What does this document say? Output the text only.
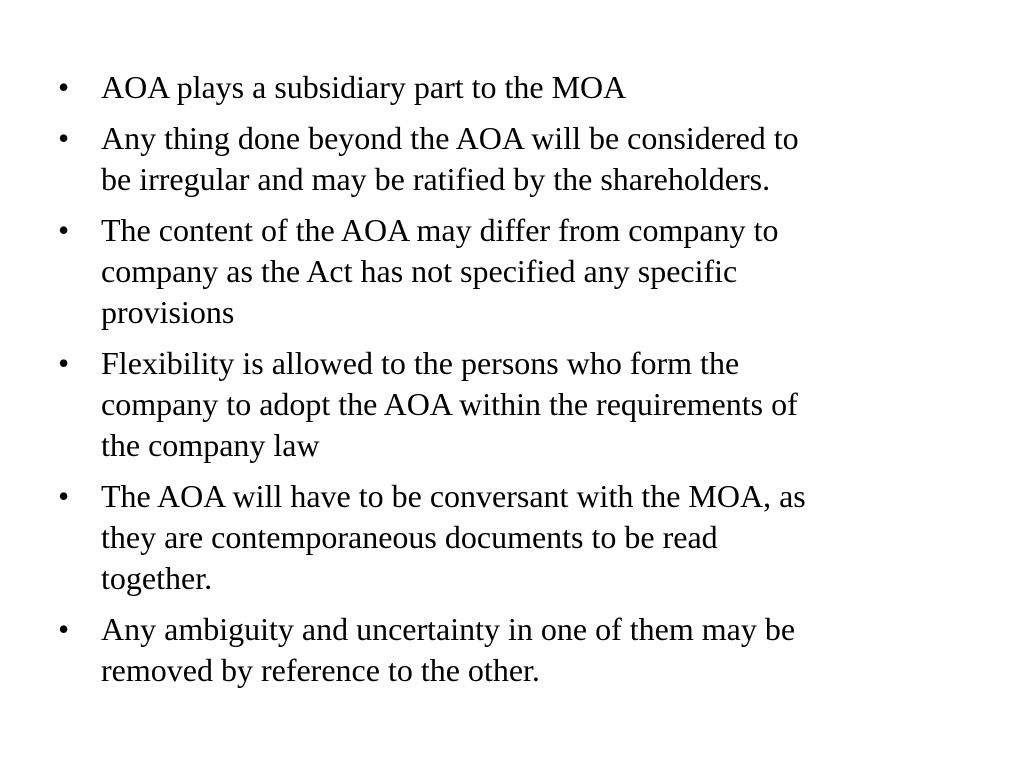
• AOA plays a subsidiary part to the MOA
• Any thing done beyond the AOA will be considered to
be irregular and may be ratified by the shareholders.
• The content of the AOA may differ from company to
company as the Act has not specified any specific
provisions
• Flexibility is allowed to the persons who form the
company to adopt the AOA within the requirements of
the company law
• The AOA will have to be conversant with the MOA, as
they are contemporaneous documents to be read
together.
• Any ambiguity and uncertainty in one of them may be
removed by reference to the other.
